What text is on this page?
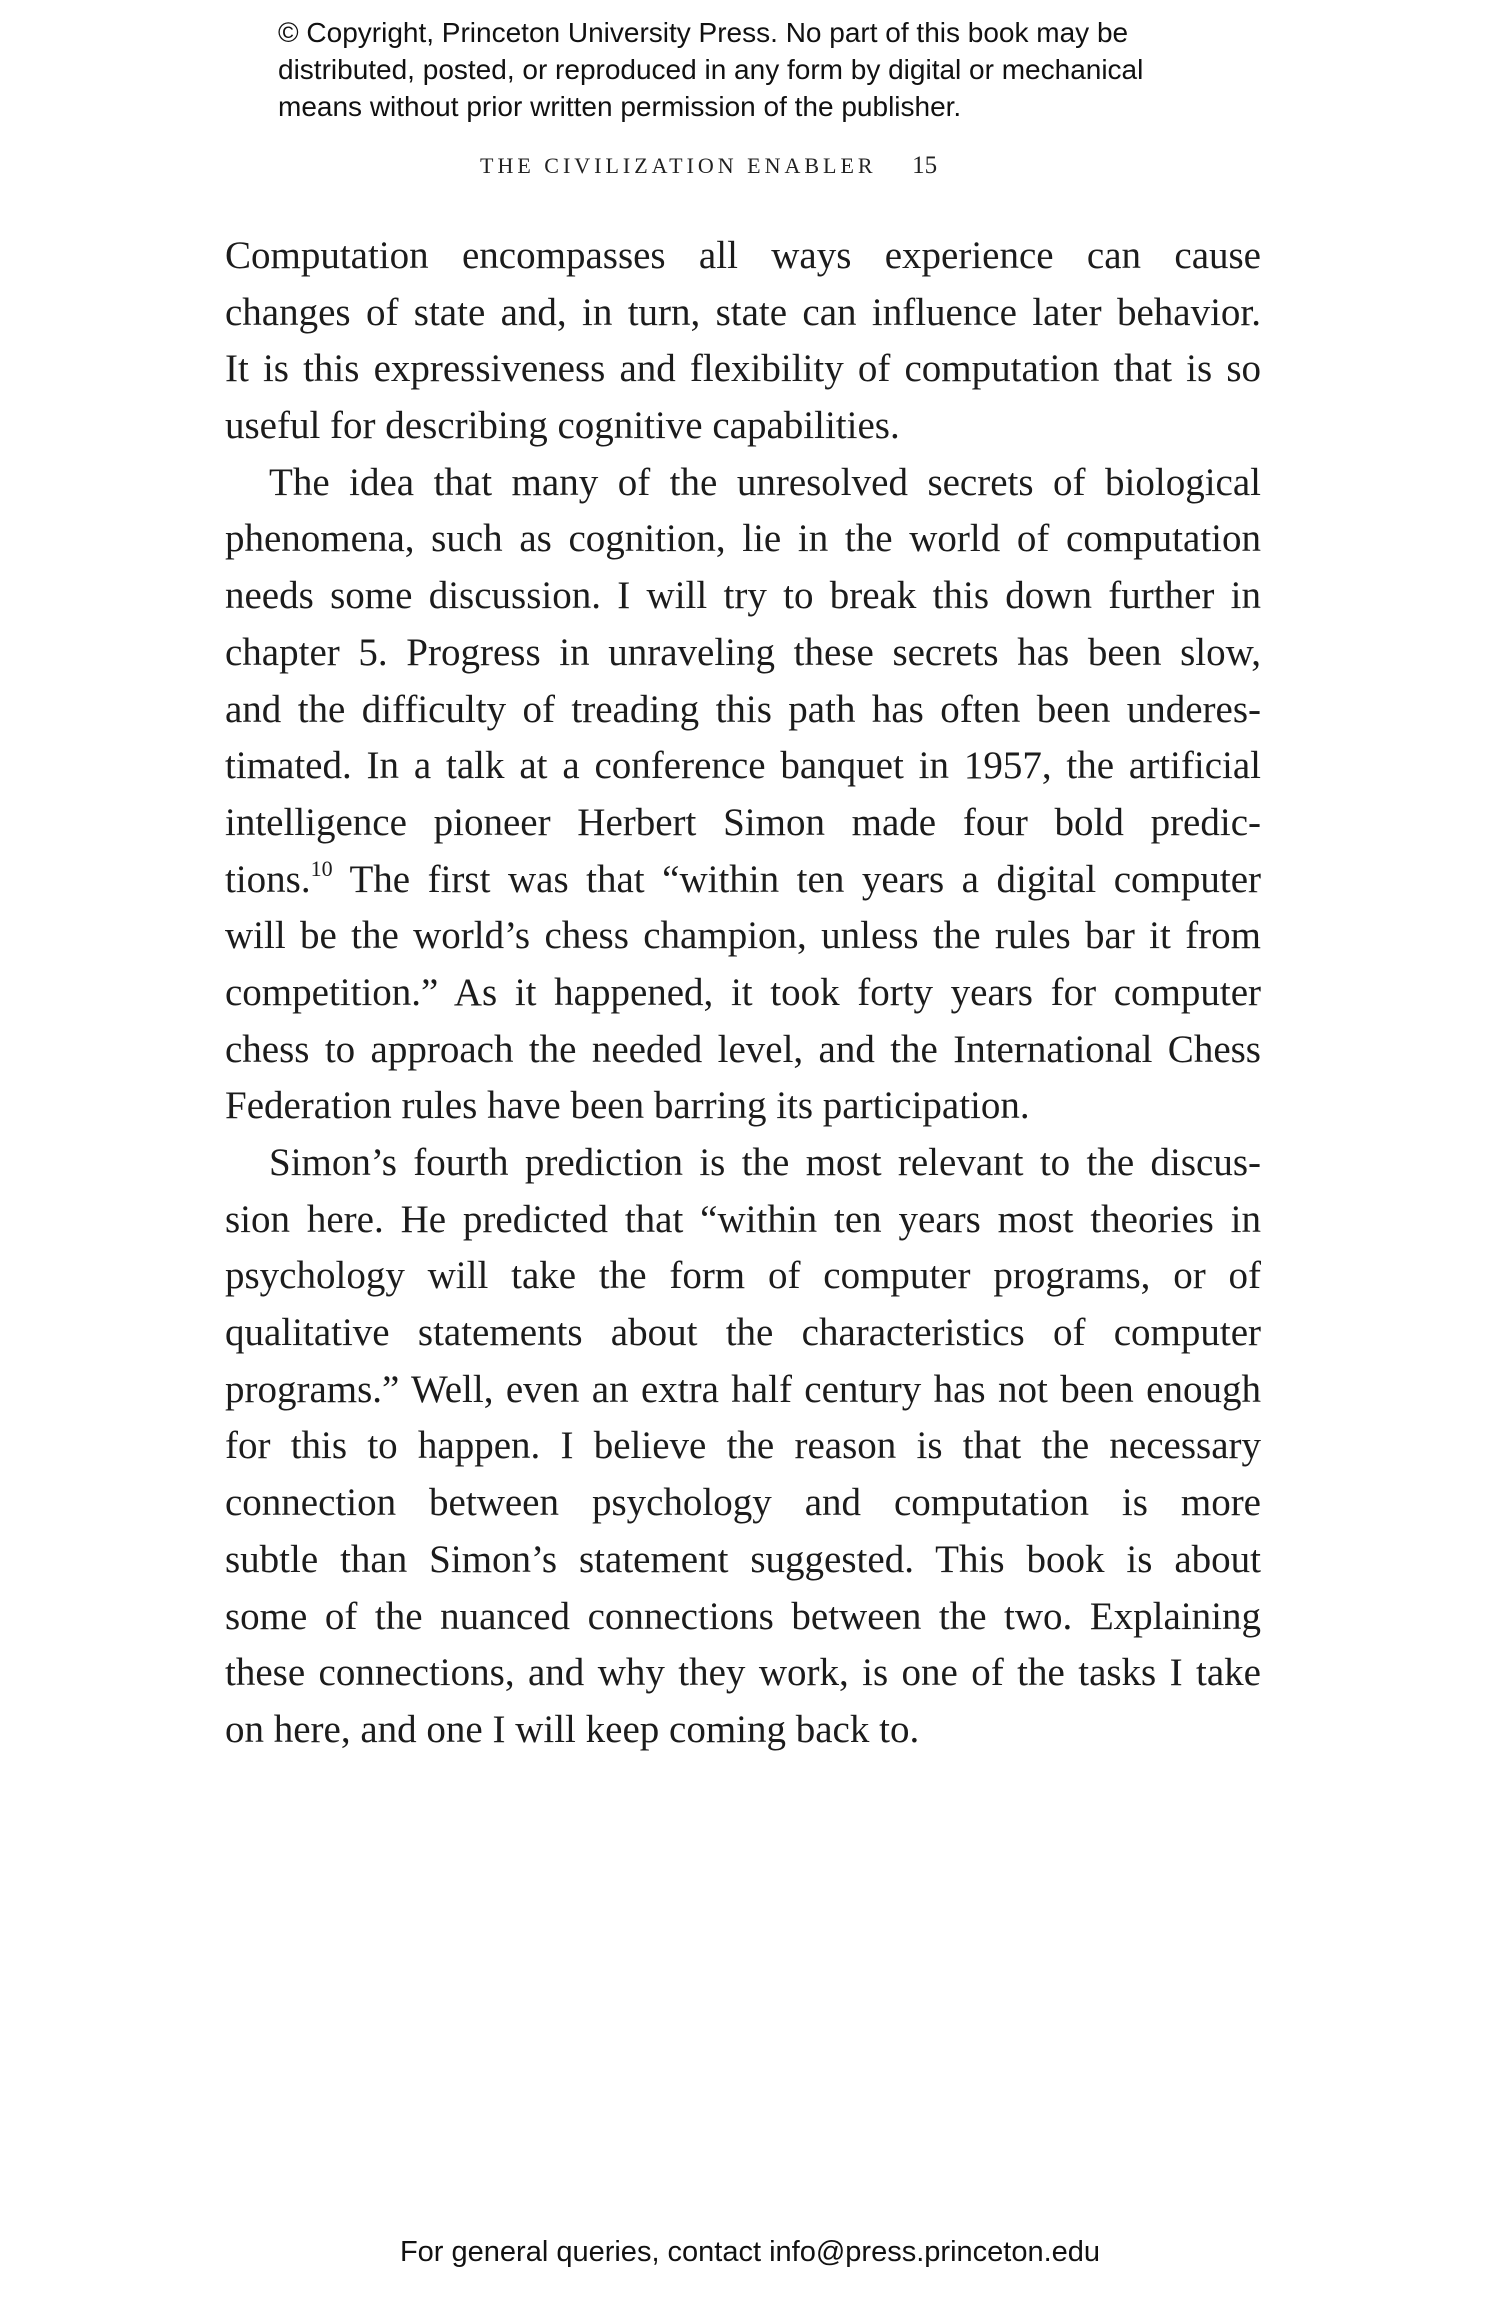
© Copyright, Princeton University Press. No part of this book may be
distributed, posted, or reproduced in any form by digital or mechanical
means without prior written permission of the publisher.
THE CIVILIZATION ENABLER 15
Computation encompasses all ways experience can cause
changes of state and, in turn, state can influence later behavior.
It is this expressiveness and flexibility of computation that is so
useful for describing cognitive capabilities.
The idea that many of the unresolved secrets of biological
phenomena, such as cognition, lie in the world of computation
needs some discussion. I will try to break this down further in
chapter 5. Progress in unraveling these secrets has been slow,
and the difficulty of treading this path has often been underes-
timated. In a talk at a conference banquet in 1957, the artificial
intelligence pioneer Herbert Simon made four bold predic-
tions.$^{10}$ The first was that “within ten years a digital computer
will be the world’s chess champion, unless the rules bar it from
competition.” As it happened, it took forty years for computer
chess to approach the needed level, and the International Chess
Federation rules have been barring its participation.
Simon’s fourth prediction is the most relevant to the discus-
sion here. He predicted that “within ten years most theories in
psychology will take the form of computer programs, or of
qualitative statements about the characteristics of computer
programs.” Well, even an extra half century has not been enough
for this to happen. I believe the reason is that the necessary
connection between psychology and computation is more
subtle than Simon’s statement suggested. This book is about
some of the nuanced connections between the two. Explaining
these connections, and why they work, is one of the tasks I take
on here, and one I will keep coming back to.
For general queries, contact info@press.princeton.edu
